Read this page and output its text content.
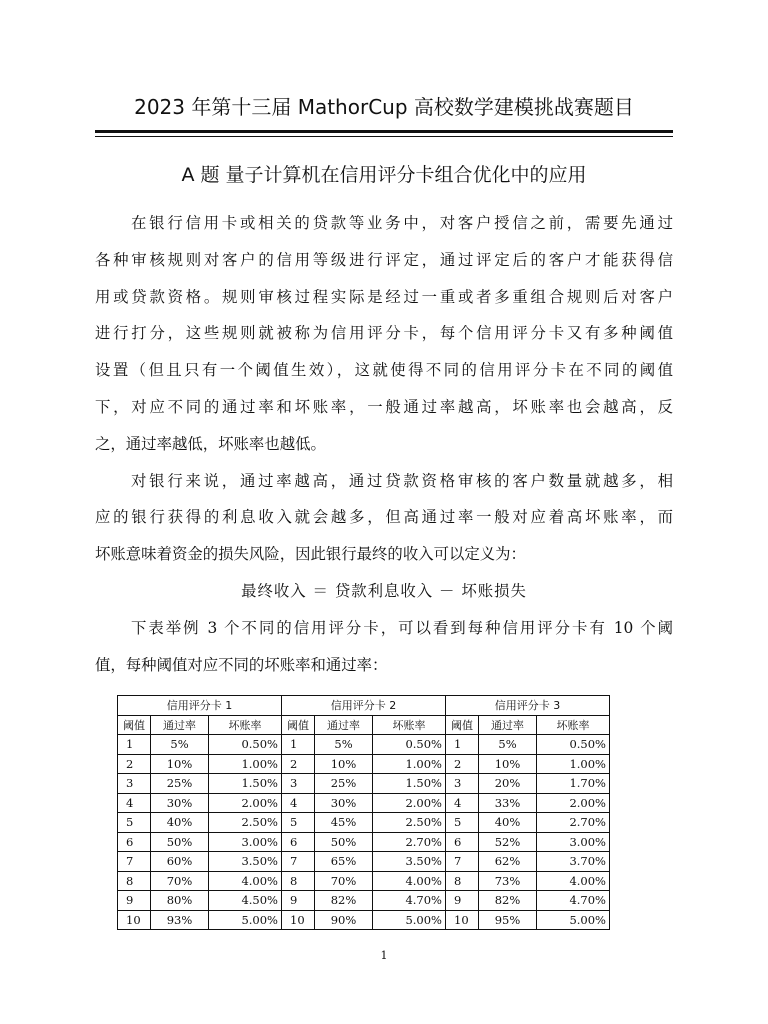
2023 年第十三届 MathorCup 高校数学建模挑战赛题目
A 题 量子计算机在信用评分卡组合优化中的应用
在银行信用卡或相关的贷款等业务中，对客户授信之前，需要先通过
各种审核规则对客户的信用等级进行评定，通过评定后的客户才能获得信
用或贷款资格。规则审核过程实际是经过一重或者多重组合规则后对客户
进行打分，这些规则就被称为信用评分卡，每个信用评分卡又有多种阈值
设置（但且只有一个阈值生效），这就使得不同的信用评分卡在不同的阈值
下，对应不同的通过率和坏账率，一般通过率越高，坏账率也会越高，反
之，通过率越低，坏账率也越低。
对银行来说，通过率越高，通过贷款资格审核的客户数量就越多，相
应的银行获得的利息收入就会越多，但高通过率一般对应着高坏账率，而
坏账意味着资金的损失风险，因此银行最终的收入可以定义为：
最终收入 ＝ 贷款利息收入 － 坏账损失
下表举例 3 个不同的信用评分卡，可以看到每种信用评分卡有 10 个阈
值，每种阈值对应不同的坏账率和通过率：
信用评分卡 1			信用评分卡 2			信用评分卡 3		
阈值	通过率	坏账率	阈值	通过率	坏账率	阈值	通过率	坏账率
1	5%	0.50%	1	5%	0.50%	1	5%	0.50%
2	10%	1.00%	2	10%	1.00%	2	10%	1.00%
3	25%	1.50%	3	25%	1.50%	3	20%	1.70%
4	30%	2.00%	4	30%	2.00%	4	33%	2.00%
5	40%	2.50%	5	45%	2.50%	5	40%	2.70%
6	50%	3.00%	6	50%	2.70%	6	52%	3.00%
7	60%	3.50%	7	65%	3.50%	7	62%	3.70%
8	70%	4.00%	8	70%	4.00%	8	73%	4.00%
9	80%	4.50%	9	82%	4.70%	9	82%	4.70%
10	93%	5.00%	10	90%	5.00%	10	95%	5.00%
1
